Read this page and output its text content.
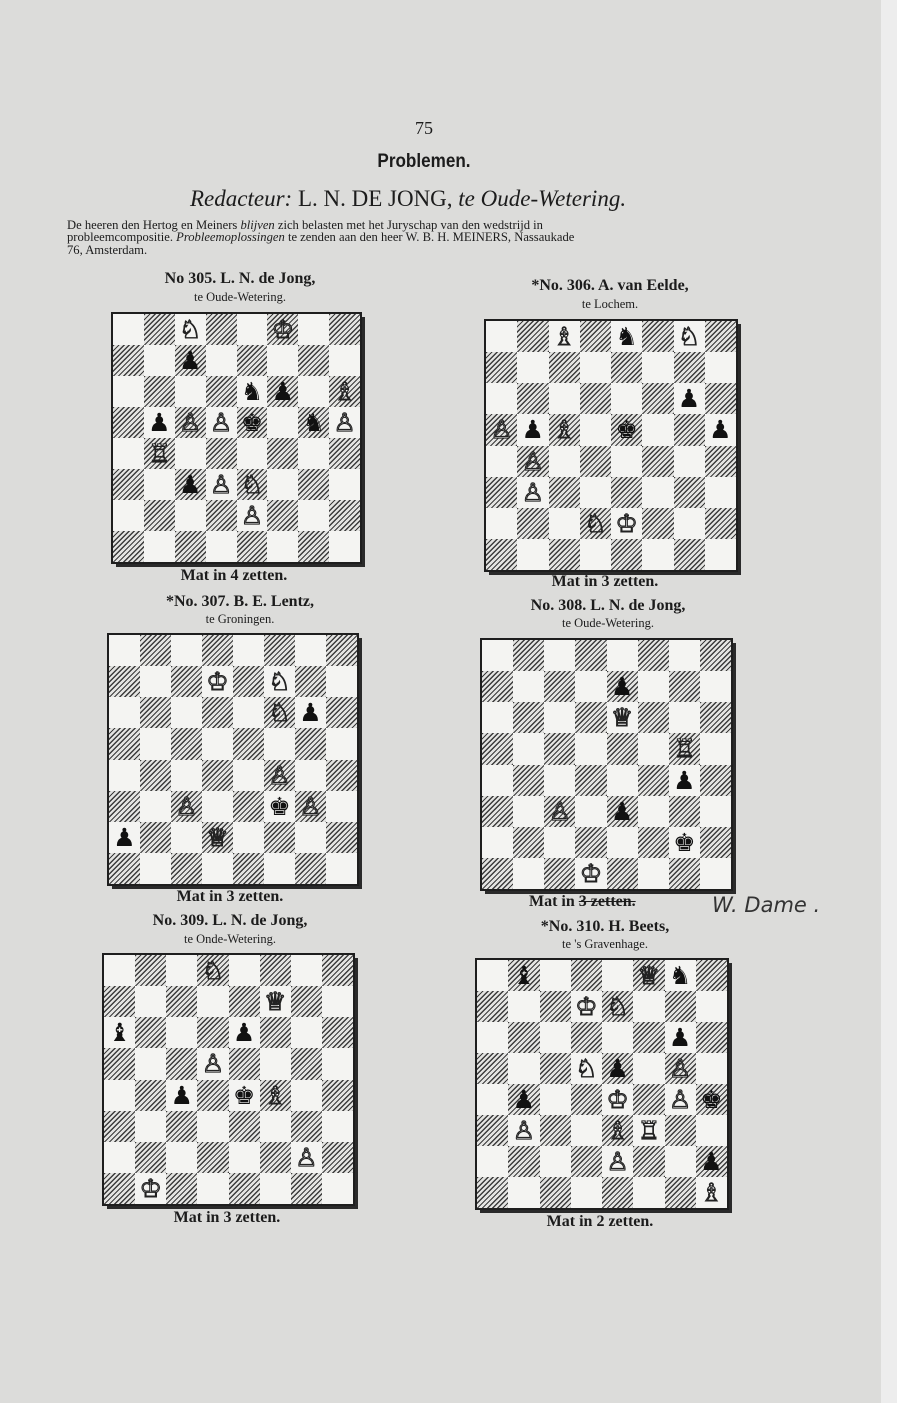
75
Problemen.
Redacteur: L. N. DE JONG, te Oude-Wetering.
De heeren den Hertog en Meiners blijven zich belasten met het Juryschap van den wedstrijd in
probleemcompositie. Probleemoplossingen te zenden aan den heer W. B. H. MEINERS, Nassaukade
76, Amsterdam.
No 305. L. N. de Jong,
te Oude-Wetering.
♘	♔
♟
♞ ♟ ♗
♟ ♙ ♙ ♚ ♞ ♙
♖
♟ ♙ ♘
♙
Mat in 4 zetten.
*No. 306. A. van Eelde,
te Lochem.
♗ ♞ ♘
♟
♙ ♟ ♗ ♚	♟
♙
♙
♘ ♔
Mat in 3 zetten.
*No. 307. B. E. Lentz,
te Groningen.
♔ ♘
♘ ♟
♙
♙	♚ ♙
♟	♕
Mat in 3 zetten.
No. 308. L. N. de Jong,
te Oude-Wetering.
♟
♕
♖
♟
♙ ♟
♚
♔
Mat in 3 zetten.	W. Dame .
No. 309. L. N. de Jong,
te Onde-Wetering.
♘
♕
♝	♟
♙
♟ ♚ ♗
♙
♔
Mat in 3 zetten.
*No. 310. H. Beets,
te 's Gravenhage.
♝	♕ ♞
♔ ♘
♟
♘ ♟ ♙
♟	♔ ♙ ♚
♙	♗ ♖
♙	♟
♗
Mat in 2 zetten.
